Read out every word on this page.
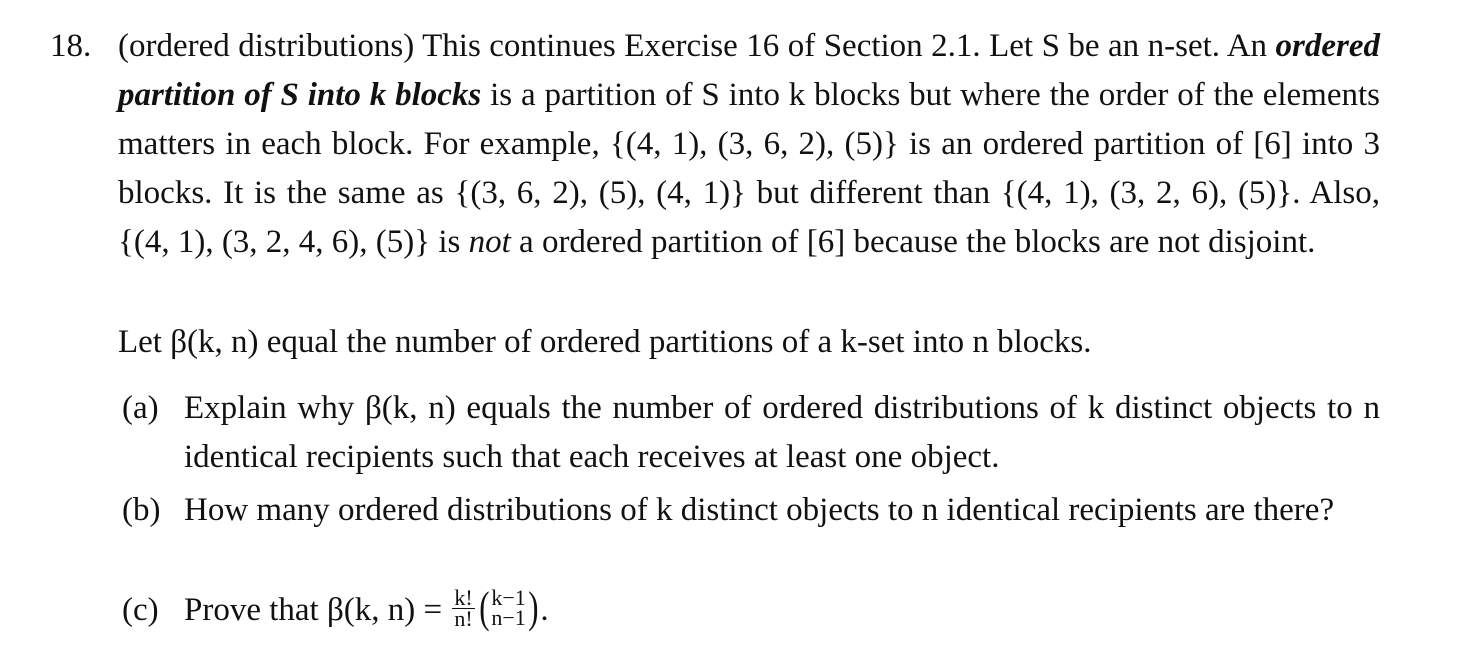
18. (ordered distributions) This continues Exercise 16 of Section 2.1. Let S be an n-set. An ordered partition of S into k blocks is a partition of S into k blocks but where the order of the elements matters in each block. For example, {(4, 1), (3, 6, 2), (5)} is an ordered partition of [6] into 3 blocks. It is the same as {(3, 6, 2), (5), (4, 1)} but different than {(4, 1), (3, 2, 6), (5)}. Also, {(4, 1), (3, 2, 4, 6), (5)} is not a ordered partition of [6] because the blocks are not disjoint.
Let β(k, n) equal the number of ordered partitions of a k-set into n blocks.
(a) Explain why β(k, n) equals the number of ordered distributions of k distinct objects to n identical recipients such that each receives at least one object.
(b) How many ordered distributions of k distinct objects to n identical recipients are there?
(c) Prove that β(k, $n) = \frac{k!}{n!}$ ( k−1
n−1 ).
